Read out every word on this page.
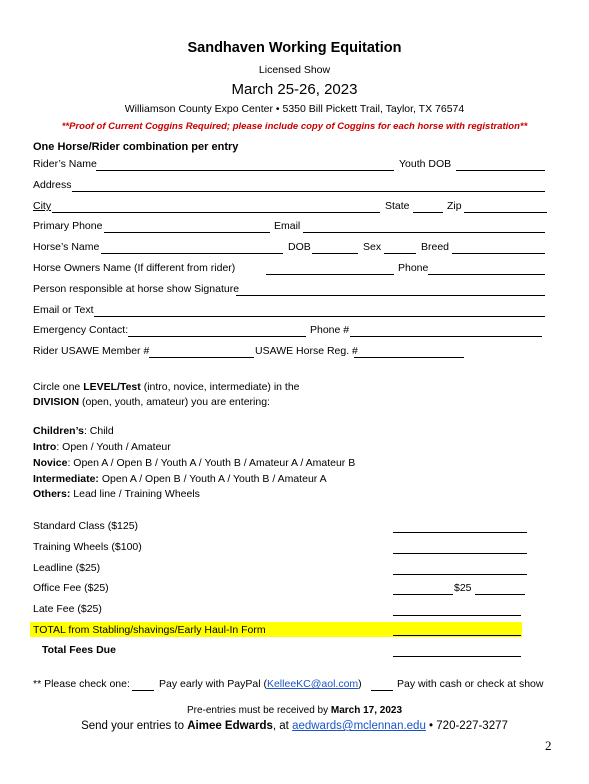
Sandhaven Working Equitation
Licensed Show
March 25-26, 2023
Williamson County Expo Center • 5350 Bill Pickett Trail, Taylor, TX 76574
**Proof of Current Coggins Required; please include copy of Coggins for each horse with registration**
One Horse/Rider combination per entry
Rider’s Name	Youth DOB
Address
City	State	Zip
Primary Phone	Email
Horse’s Name	DOB	Sex	Breed
Horse Owners Name (If different from rider)	Phone
Person responsible at horse show Signature
Email or Text
Emergency Contact:	Phone #
Rider USAWE Member #	USAWE Horse Reg. #
Circle one LEVEL/Test (intro, novice, intermediate) in the
DIVISION (open, youth, amateur) you are entering:
Children’s: Child
Intro: Open / Youth / Amateur
Novice: Open A / Open B / Youth A / Youth B / Amateur A / Amateur B
Intermediate: Open A / Open B / Youth A / Youth B / Amateur A
Others: Lead line / Training Wheels
Standard Class ($125)
Training Wheels ($100)
Leadline ($25)
Office Fee ($25)	$25
Late Fee ($25)
TOTAL from Stabling/shavings/Early Haul-In Form
Total Fees Due
** Please check one:	Pay early with PayPal (KelleeKC@aol.com)	Pay with cash or check at show
Pre-entries must be received by March 17, 2023
Send your entries to Aimee Edwards, at aedwards@mclennan.edu • 720-227-3277
2
